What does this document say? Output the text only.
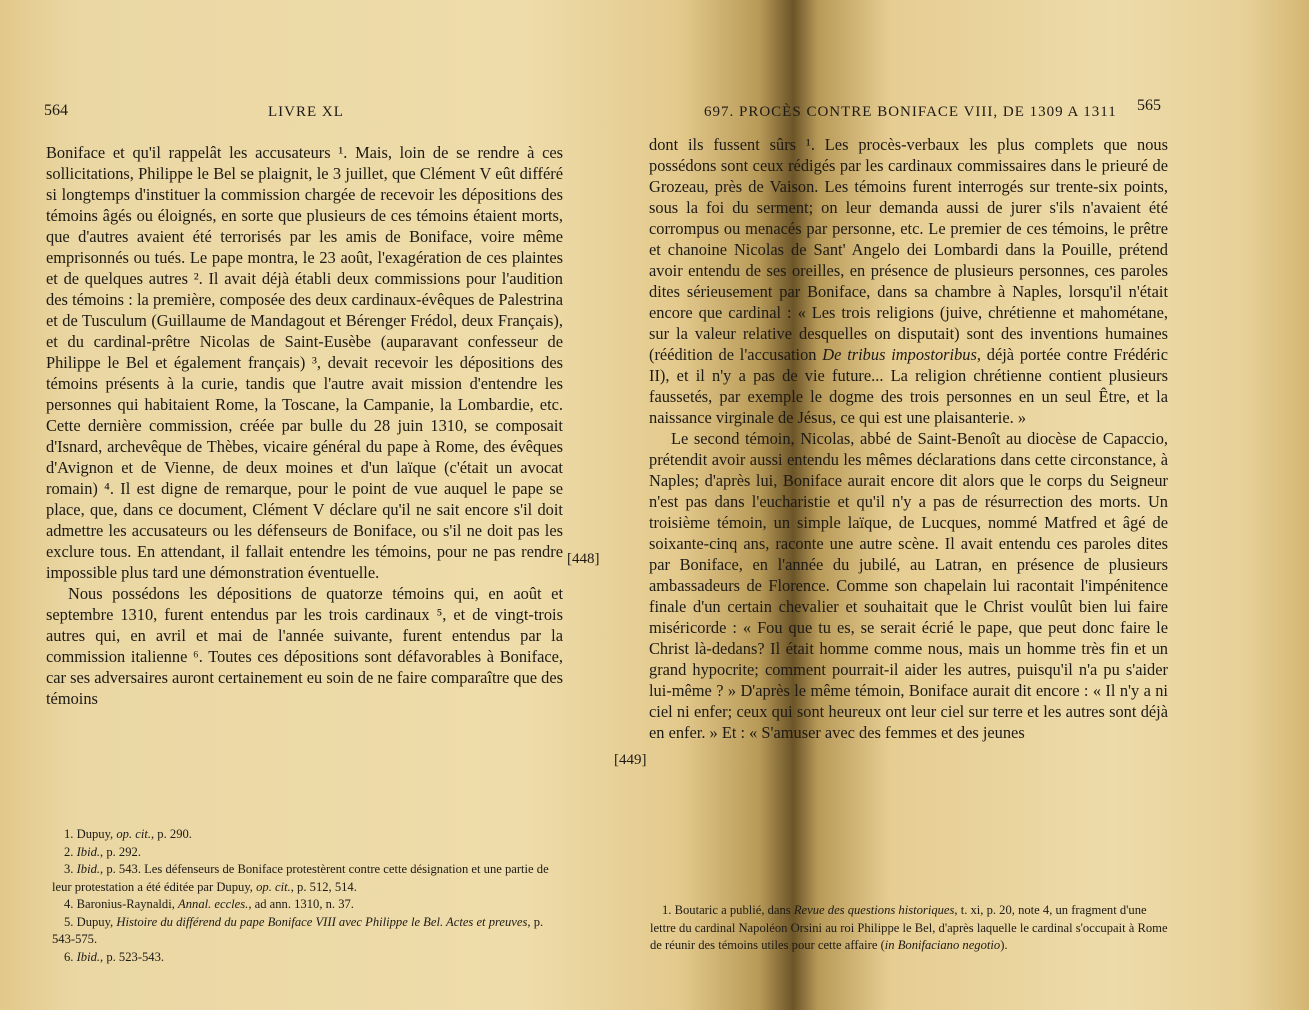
564	LIVRE XL

Boniface et qu'il rappelât les accusateurs ¹. Mais, loin de se rendre à ces sollicitations, Philippe le Bel se plaignit, le 3 juillet, que Clément V eût différé si longtemps d'instituer la commission chargée de recevoir les dépositions des témoins âgés ou éloignés, en sorte que plusieurs de ces témoins étaient morts, que d'autres avaient été terrorisés par les amis de Boniface, voire même emprisonnés ou tués. Le pape montra, le 23 août, l'exagération de ces plaintes et de quelques autres ². Il avait déjà établi deux commissions pour l'audition des témoins : la première, composée des deux cardinaux-évêques de Palestrina et de Tusculum (Guillaume de Mandagout et Bérenger Frédol, deux Français), et du cardinal-prêtre Nicolas de Saint-Eusèbe (auparavant confesseur de Philippe le Bel et également français) ³, devait recevoir les dépositions des témoins présents à la curie, tandis que l'autre avait mission d'entendre les personnes qui habitaient Rome, la Toscane, la Campanie, la Lombardie, etc. Cette dernière commission, créée par bulle du 28 juin 1310, se composait d'Isnard, archevêque de Thèbes, vicaire général du pape à Rome, des évêques d'Avignon et de Vienne, de deux moines et d'un laïque (c'était un avocat romain) ⁴. Il est digne de remarque, pour le point de vue auquel le pape se place, que, dans ce document, Clément V déclare qu'il ne sait encore s'il doit admettre les accusateurs ou les défenseurs de Boniface, ou s'il ne doit pas les exclure tous. En attendant, il fallait entendre les témoins, pour ne pas rendre impossible plus tard une démonstration éventuelle.

Nous possédons les dépositions de quatorze témoins qui, en août et septembre 1310, furent entendus par les trois cardinaux ⁵, et de vingt-trois autres qui, en avril et mai de l'année suivante, furent entendus par la commission italienne ⁶. Toutes ces dépositions sont défavorables à Boniface, car ses adversaires auront certainement eu soin de ne faire comparaître que des témoins

1. Dupuy, op. cit., p. 290.

2. Ibid., p. 292.

3. Ibid., p. 543. Les défenseurs de Boniface protestèrent contre cette désignation et une partie de leur protestation a été éditée par Dupuy, op. cit., p. 512, 514.

4. Baronius-Raynaldi, Annal. eccles., ad ann. 1310, n. 37.

5. Dupuy, Histoire du différend du pape Boniface VIII avec Philippe le Bel. Actes et preuves, p. 543-575.

6. Ibid., p. 523-543.

[448]
697. PROCÈS CONTRE BONIFACE VIII, DE 1309 A 1311 565

dont ils fussent sûrs ¹. Les procès-verbaux les plus complets que nous possédons sont ceux rédigés par les cardinaux commissaires dans le prieuré de Grozeau, près de Vaison. Les témoins furent interrogés sur trente-six points, sous la foi du serment; on leur demanda aussi de jurer s'ils n'avaient été corrompus ou menacés par personne, etc. Le premier de ces témoins, le prêtre et chanoine Nicolas de Sant' Angelo dei Lombardi dans la Pouille, prétend avoir entendu de ses oreilles, en présence de plusieurs personnes, ces paroles dites sérieusement par Boniface, dans sa chambre à Naples, lorsqu'il n'était encore que cardinal : « Les trois religions (juive, chrétienne et mahométane, sur la valeur relative desquelles on disputait) sont des inventions humaines (réédition de l'accusation De tribus impostoribus, déjà portée contre Frédéric II), et il n'y a pas de vie future... La religion chrétienne contient plusieurs faussetés, par exemple le dogme des trois personnes en un seul Être, et la naissance virginale de Jésus, ce qui est une plaisanterie. »

Le second témoin, Nicolas, abbé de Saint-Benoît au diocèse de Capaccio, prétendit avoir aussi entendu les mêmes déclarations dans cette circonstance, à Naples; d'après lui, Boniface aurait encore dit alors que le corps du Seigneur n'est pas dans l'eucharistie et qu'il n'y a pas de résurrection des morts. Un troisième témoin, un simple laïque, de Lucques, nommé Matfred et âgé de soixante-cinq ans, raconte une autre scène. Il avait entendu ces paroles dites par Boniface, en l'année du jubilé, au Latran, en présence de plusieurs ambassadeurs de Florence. Comme son chapelain lui racontait l'impénitence finale d'un certain chevalier et souhaitait que le Christ voulût bien lui faire miséricorde : « Fou que tu es, se serait écrié le pape, que peut donc faire le Christ là-dedans? Il était homme comme nous, mais un homme très fin et un grand hypocrite; comment pourrait-il aider les autres, puisqu'il n'a pu s'aider lui-même ? » D'après le même témoin, Boniface aurait dit encore : « Il n'y a ni ciel ni enfer; ceux qui sont heureux ont leur ciel sur terre et les autres sont déjà en enfer. » Et : « S'amuser avec des femmes et des jeunes

1. Boutaric a publié, dans Revue des questions historiques, t. xi, p. 20, note 4, un fragment d'une lettre du cardinal Napoléon Orsini au roi Philippe le Bel, d'après laquelle le cardinal s'occupait à Rome de réunir des témoins utiles pour cette affaire (in Bonifaciano negotio).

[449]
